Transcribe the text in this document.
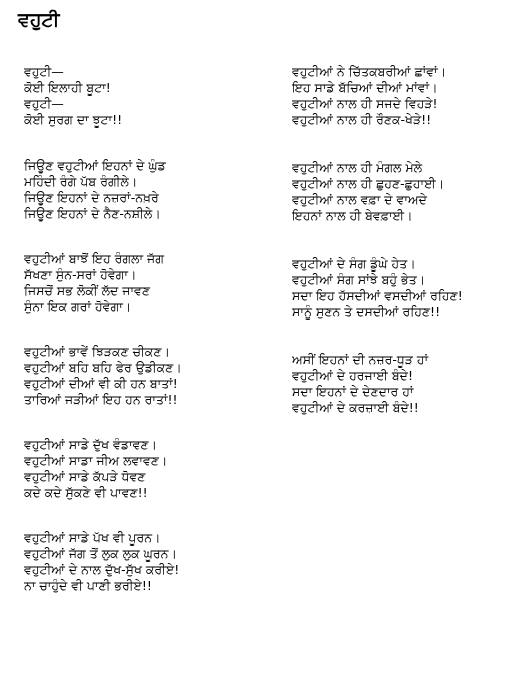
ਵਹੁਟੀ
ਵਹੁਟੀ—
ਕੋਈ ਇਲਾਹੀ ਬੂਟਾ!
ਵਹੁਟੀ—
ਕੋਈ ਸੁਰਗ ਦਾ ਝੂਟਾ!!
ਜਿਊਣ ਵਹੁਟੀਆਂ ਇਹਨਾਂ ਦੇ ਘੁੰਡ
ਮਹਿੰਦੀ ਰੰਗੇ ਪੱਬ ਰੰਗੀਲੇ।
ਜਿਊਣ ਇਹਨਾਂ ਦੇ ਨਜ਼ਰਾਂ-ਨਖ਼ਰੇ
ਜਿਊਣ ਇਹਨਾਂ ਦੇ ਨੈਣ-ਨਸ਼ੀਲੇ।
ਵਹੁਟੀਆਂ ਬਾਝੋਂ ਇਹ ਰੰਗਲਾ ਜੱਗ
ਸੱਖਣਾ ਸੁੰਨ-ਸਰਾਂ ਹੋਵੇਗਾ।
ਜਿਸਚੋਂ ਸਭ ਲੋਕੀਂ ਲੱਦ ਜਾਵਣ
ਸੁੰਨਾ ਇਕ ਗਰਾਂ ਹੋਵੇਗਾ।
ਵਹੁਟੀਆਂ ਭਾਵੇਂ ਝਿੜਕਣ ਚੀਕਣ।
ਵਹੁਟੀਆਂ ਬਹਿ ਬਹਿ ਫੇਰ ਉਡੀਕਣ।
ਵਹੁਟੀਆਂ ਦੀਆਂ ਵੀ ਕੀ ਹਨ ਬਾਤਾਂ!
ਤਾਰਿਆਂ ਜੜੀਆਂ ਇਹ ਹਨ ਰਾਤਾਂ!!
ਵਹੁਟੀਆਂ ਸਾਡੇ ਦੁੱਖ ਵੰਡਾਵਣ।
ਵਹੁਟੀਆਂ ਸਾਡਾ ਜੀਅ ਲਵਾਵਣ।
ਵਹੁਟੀਆਂ ਸਾਡੇ ਕੱਪੜੇ ਧੋਵਣ
ਕਦੇ ਕਦੇ ਸੁੱਕਣੇ ਵੀ ਪਾਵਣ!!
ਵਹੁਟੀਆਂ ਸਾਡੇ ਪੱਖ ਵੀ ਪੂਰਨ।
ਵਹੁਟੀਆਂ ਜੱਗ ਤੋਂ ਲੁਕ ਲੁਕ ਘੂਰਨ।
ਵਹੁਟੀਆਂ ਦੇ ਨਾਲ ਦੁੱਖ-ਸੁੱਖ ਕਰੀਏ!
ਨਾ ਚਾਹੁੰਦੇ ਵੀ ਪਾਣੀ ਭਰੀਏ!!
ਵਹੁਟੀਆਂ ਨੇ ਚਿੱਤਕਬਰੀਆਂ ਛਾਂਵਾਂ।
ਇਹ ਸਾਡੇ ਬੱਚਿਆਂ ਦੀਆਂ ਮਾਂਵਾਂ।
ਵਹੁਟੀਆਂ ਨਾਲ ਹੀ ਸਜਦੇ ਵਿਹੜੇ!
ਵਹੁਟੀਆਂ ਨਾਲ ਹੀ ਰੌਣਕ-ਖੇੜੇ!!
ਵਹੁਟੀਆਂ ਨਾਲ ਹੀ ਮੰਗਲ ਮੇਲੇ
ਵਹੁਟੀਆਂ ਨਾਲ ਹੀ ਛੁਹਣ-ਛੁਹਾਈ।
ਵਹੁਟੀਆਂ ਨਾਲ ਵਫ਼ਾ ਦੇ ਵਾਅਦੇ
ਇਹਨਾਂ ਨਾਲ ਹੀ ਬੇਵਫ਼ਾਈ।
ਵਹੁਟੀਆਂ ਦੇ ਸੰਗ ਡੂੰਘੇ ਹੇਤ।
ਵਹੁਟੀਆਂ ਸੰਗ ਸਾਂਝੇ ਬਹੁੰ ਭੇਤ।
ਸਦਾ ਇਹ ਹੱਸਦੀਆਂ ਵਸਦੀਆਂ ਰਹਿਣ!
ਸਾਨੂੰ ਸੁਣਨ ਤੇ ਦਸਦੀਆਂ ਰਹਿਣ!!
ਅਸੀਂ ਇਹਨਾਂ ਦੀ ਨਜ਼ਰ-ਧੂੜ ਹਾਂ
ਵਹੁਟੀਆਂ ਦੇ ਹਰਜਾਈ ਬੰਦੇ!
ਸਦਾ ਇਹਨਾਂ ਦੇ ਦੇਣਦਾਰ ਹਾਂ
ਵਹੁਟੀਆਂ ਦੇ ਕਰਜ਼ਾਈ ਬੰਦੇ!!
